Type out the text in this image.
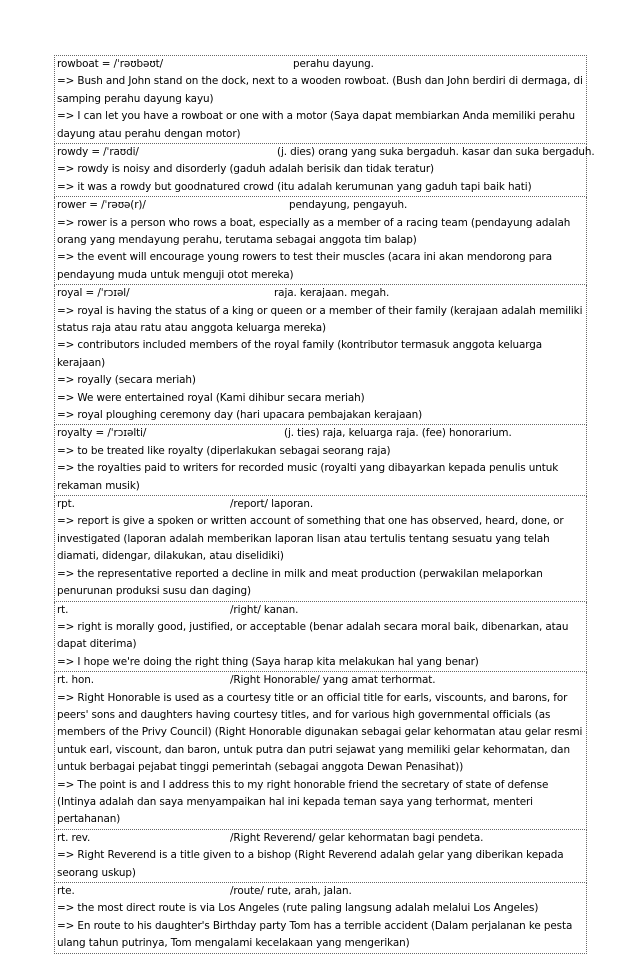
rowboat = /ˈrəʊbəʊt/	perahu dayung.
=> Bush and John stand on the dock, next to a wooden rowboat. (Bush dan John berdiri di dermaga, di samping perahu dayung kayu)
=> I can let you have a rowboat or one with a motor (Saya dapat membiarkan Anda memiliki perahu dayung atau perahu dengan motor)
rowdy = /ˈraʊdi/	(j. dies) orang yang suka bergaduh. kasar dan suka bergaduh.
=> rowdy is noisy and disorderly (gaduh adalah berisik dan tidak teratur)
=> it was a rowdy but goodnatured crowd (itu adalah kerumunan yang gaduh tapi baik hati)
rower = /ˈrəʊə(r)/	pendayung, pengayuh.
=> rower is a person who rows a boat, especially as a member of a racing team (pendayung adalah orang yang mendayung perahu, terutama sebagai anggota tim balap)
=> the event will encourage young rowers to test their muscles (acara ini akan mendorong para pendayung muda untuk menguji otot mereka)
royal = /ˈrɔɪəl/	raja. kerajaan. megah.
=> royal is having the status of a king or queen or a member of their family (kerajaan adalah memiliki status raja atau ratu atau anggota keluarga mereka)
=> contributors included members of the royal family (kontributor termasuk anggota keluarga kerajaan)
=> royally (secara meriah)
=> We were entertained royal (Kami dihibur secara meriah)
=> royal ploughing ceremony day (hari upacara pembajakan kerajaan)
royalty = /ˈrɔɪəlti/	(j. ties) raja, keluarga raja. (fee) honorarium.
=> to be treated like royalty (diperlakukan sebagai seorang raja)
=> the royalties paid to writers for recorded music (royalti yang dibayarkan kepada penulis untuk rekaman musik)
rpt.	/report/ laporan.
=> report is give a spoken or written account of something that one has observed, heard, done, or investigated (laporan adalah memberikan laporan lisan atau tertulis tentang sesuatu yang telah diamati, didengar, dilakukan, atau diselidiki)
=> the representative reported a decline in milk and meat production (perwakilan melaporkan penurunan produksi susu dan daging)
rt.	/right/ kanan.
=> right is morally good, justified, or acceptable (benar adalah secara moral baik, dibenarkan, atau dapat diterima)
=> I hope we're doing the right thing (Saya harap kita melakukan hal yang benar)
rt. hon.	/Right Honorable/ yang amat terhormat.
=> Right Honorable is used as a courtesy title or an official title for earls, viscounts, and barons, for peers' sons and daughters having courtesy titles, and for various high governmental officials (as members of the Privy Council) (Right Honorable digunakan sebagai gelar kehormatan atau gelar resmi untuk earl, viscount, dan baron, untuk putra dan putri sejawat yang memiliki gelar kehormatan, dan untuk berbagai pejabat tinggi pemerintah (sebagai anggota Dewan Penasihat))
=> The point is and I address this to my right honorable friend the secretary of state of defense (Intinya adalah dan saya menyampaikan hal ini kepada teman saya yang terhormat, menteri pertahanan)
rt. rev.	/Right Reverend/ gelar kehormatan bagi pendeta.
=> Right Reverend is a title given to a bishop (Right Reverend adalah gelar yang diberikan kepada seorang uskup)
rte.	/route/ rute, arah, jalan.
=> the most direct route is via Los Angeles (rute paling langsung adalah melalui Los Angeles)
=> En route to his daughter's Birthday party Tom has a terrible accident (Dalam perjalanan ke pesta ulang tahun putrinya, Tom mengalami kecelakaan yang mengerikan)
